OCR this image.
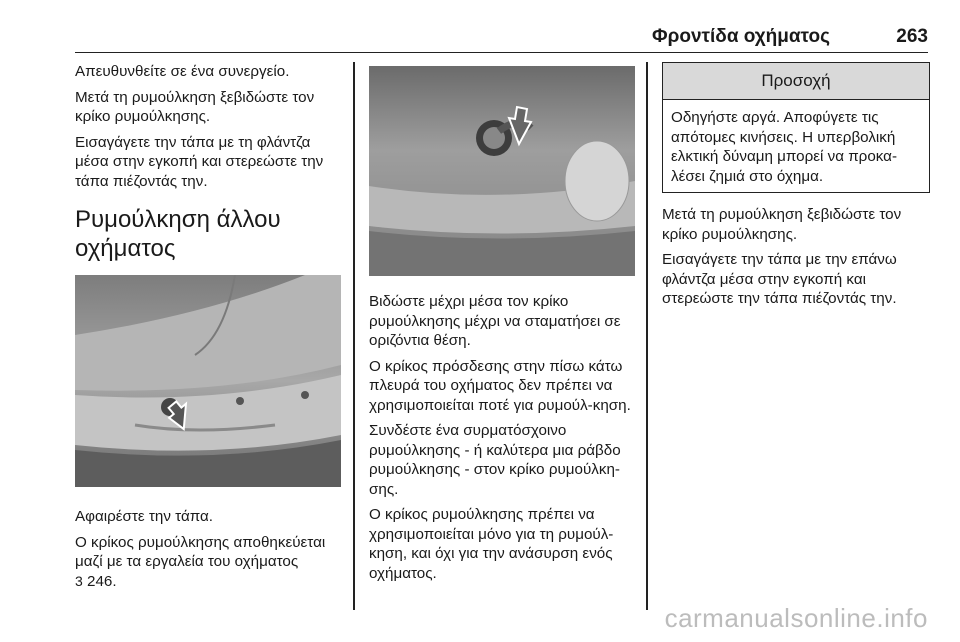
Φροντίδα οχήματος	263

Απευθυνθείτε σε ένα συνεργείο.

Μετά τη ρυμούλκηση ξεβιδώστε τον κρίκο ρυμούλκησης.

Εισαγάγετε την τάπα με τη φλάντζα μέσα στην εγκοπή και στερεώστε την τάπα πιέζοντάς την.

Ρυμούλκηση άλλου οχήματος

Αφαιρέστε την τάπα.

Ο κρίκος ρυμούλκησης αποθηκεύεται μαζί με τα εργαλεία του οχήματος
3 246.

Βιδώστε μέχρι μέσα τον κρίκο ρυμούλκησης μέχρι να σταματήσει σε οριζόντια θέση.

Ο κρίκος πρόσδεσης στην πίσω κάτω πλευρά του οχήματος δεν πρέπει να χρησιμοποιείται ποτέ για ρυμούλ-κηση.

Συνδέστε ένα συρματόσχοινο ρυμούλκησης - ή καλύτερα μια ράβδο ρυμούλκησης - στον κρίκο ρυμούλκη-σης.

Ο κρίκος ρυμούλκησης πρέπει να χρησιμοποιείται μόνο για τη ρυμούλ-κηση, και όχι για την ανάσυρση ενός οχήματος.

Προσοχή

Οδηγήστε αργά. Αποφύγετε τις απότομες κινήσεις. Η υπερβολική ελκτική δύναμη μπορεί να προκα-λέσει ζημιά στο όχημα.

Μετά τη ρυμούλκηση ξεβιδώστε τον κρίκο ρυμούλκησης.

Εισαγάγετε την τάπα με την επάνω φλάντζα μέσα στην εγκοπή και στερεώστε την τάπα πιέζοντάς την.

carmanualsonline.info
